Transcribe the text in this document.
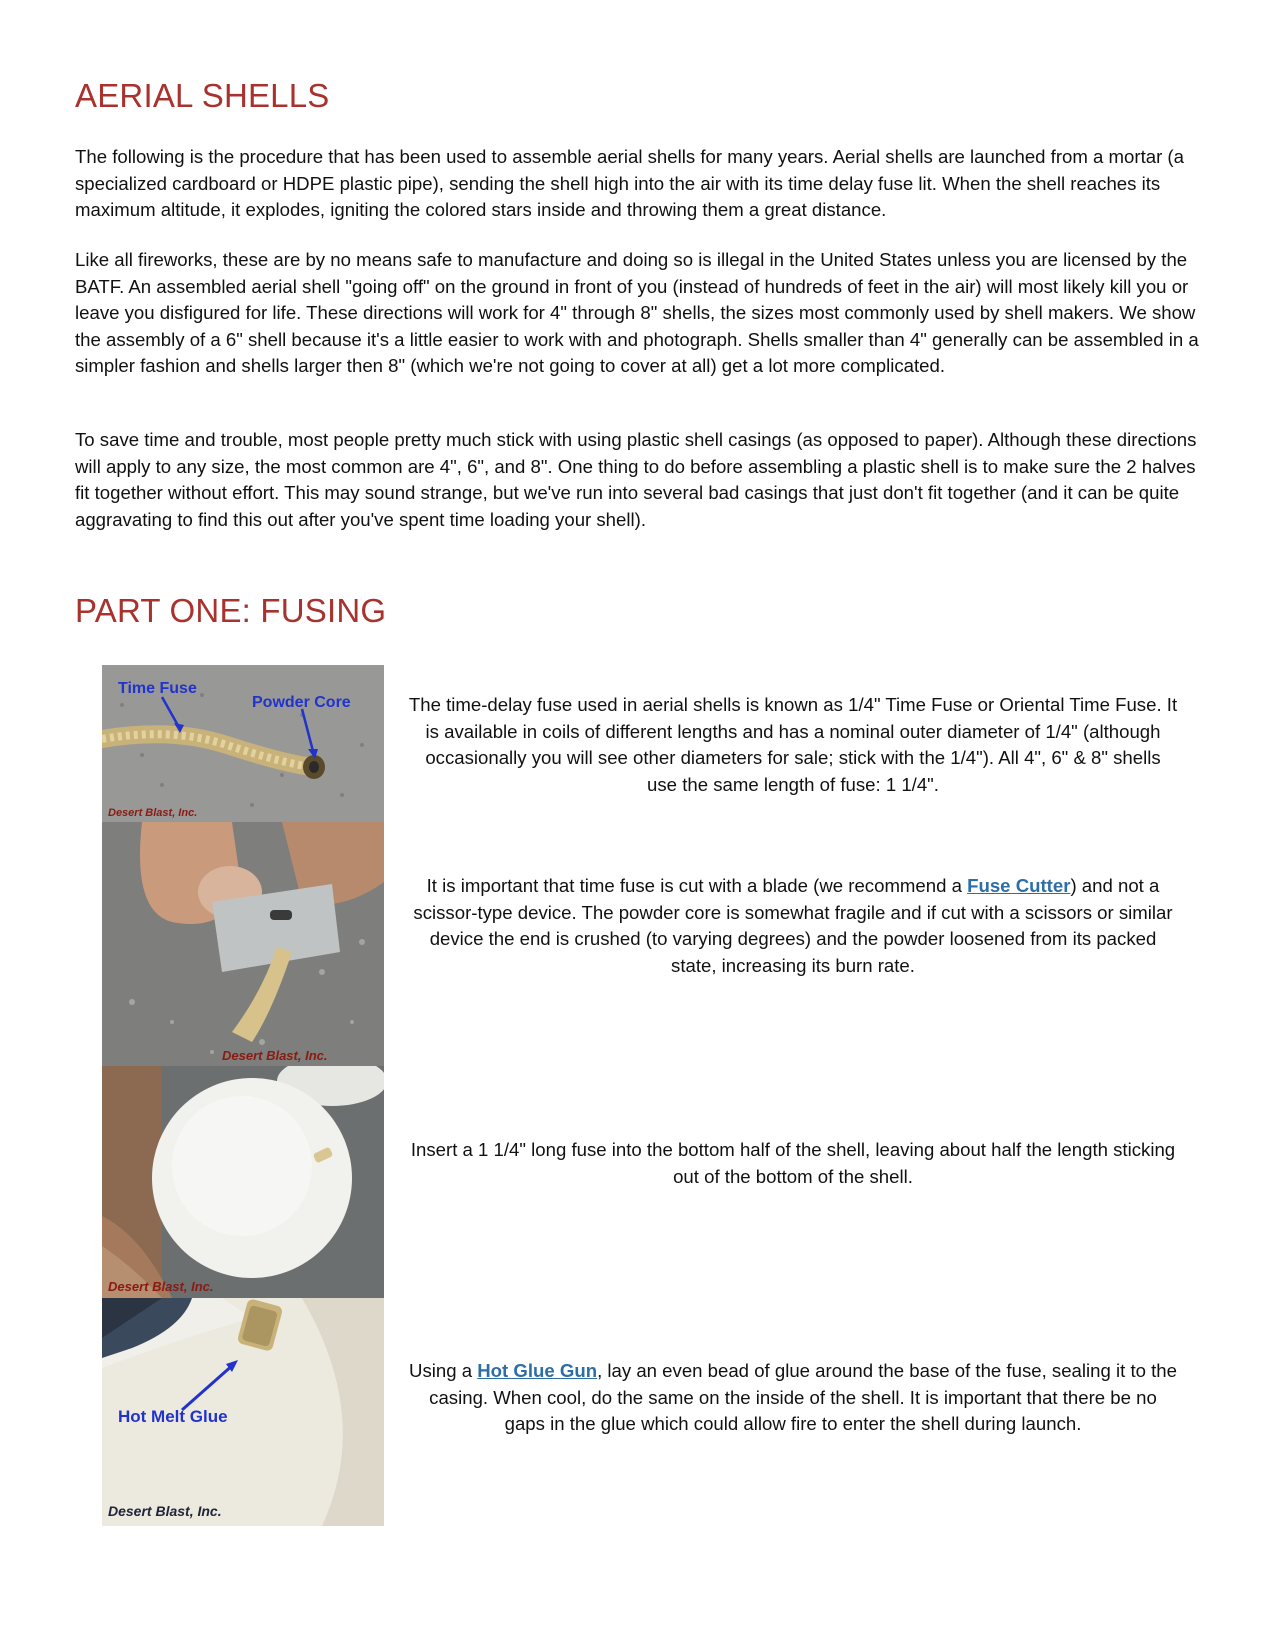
AERIAL SHELLS

The following is the procedure that has been used to assemble aerial shells for many years. Aerial shells are launched from a mortar (a specialized cardboard or HDPE plastic pipe), sending the shell high into the air with its time delay fuse lit. When the shell reaches its maximum altitude, it explodes, igniting the colored stars inside and throwing them a great distance.

Like all fireworks, these are by no means safe to manufacture and doing so is illegal in the United States unless you are licensed by the BATF. An assembled aerial shell "going off" on the ground in front of you (instead of hundreds of feet in the air) will most likely kill you or leave you disfigured for life. These directions will work for 4" through 8" shells, the sizes most commonly used by shell makers. We show the assembly of a 6" shell because it's a little easier to work with and photograph. Shells smaller than 4" generally can be assembled in a simpler fashion and shells larger then 8" (which we're not going to cover at all) get a lot more complicated.

To save time and trouble, most people pretty much stick with using plastic shell casings (as opposed to paper). Although these directions will apply to any size, the most common are 4", 6", and 8". One thing to do before assembling a plastic shell is to make sure the 2 halves fit together without effort. This may sound strange, but we've run into several bad casings that just don't fit together (and it can be quite aggravating to find this out after you've spent time loading your shell).

PART ONE: FUSING
Time Fuse
Powder Core
Desert Blast, Inc.

The time-delay fuse used in aerial shells is known as 1/4" Time Fuse or Oriental Time Fuse. It is available in coils of different lengths and has a nominal outer diameter of 1/4" (although occasionally you will see other diameters for sale; stick with the 1/4"). All 4", 6" & 8" shells use the same length of fuse: 1 1/4".

Desert Blast, Inc.

It is important that time fuse is cut with a blade (we recommend a Fuse Cutter) and not a scissor-type device. The powder core is somewhat fragile and if cut with a scissors or similar device the end is crushed (to varying degrees) and the powder loosened from its packed state, increasing its burn rate.

Desert Blast, Inc.

Insert a 1 1/4" long fuse into the bottom half of the shell, leaving about half the length sticking out of the bottom of the shell.

Hot Melt Glue
Desert Blast, Inc.

Using a Hot Glue Gun, lay an even bead of glue around the base of the fuse, sealing it to the casing. When cool, do the same on the inside of the shell. It is important that there be no gaps in the glue which could allow fire to enter the shell during launch.
